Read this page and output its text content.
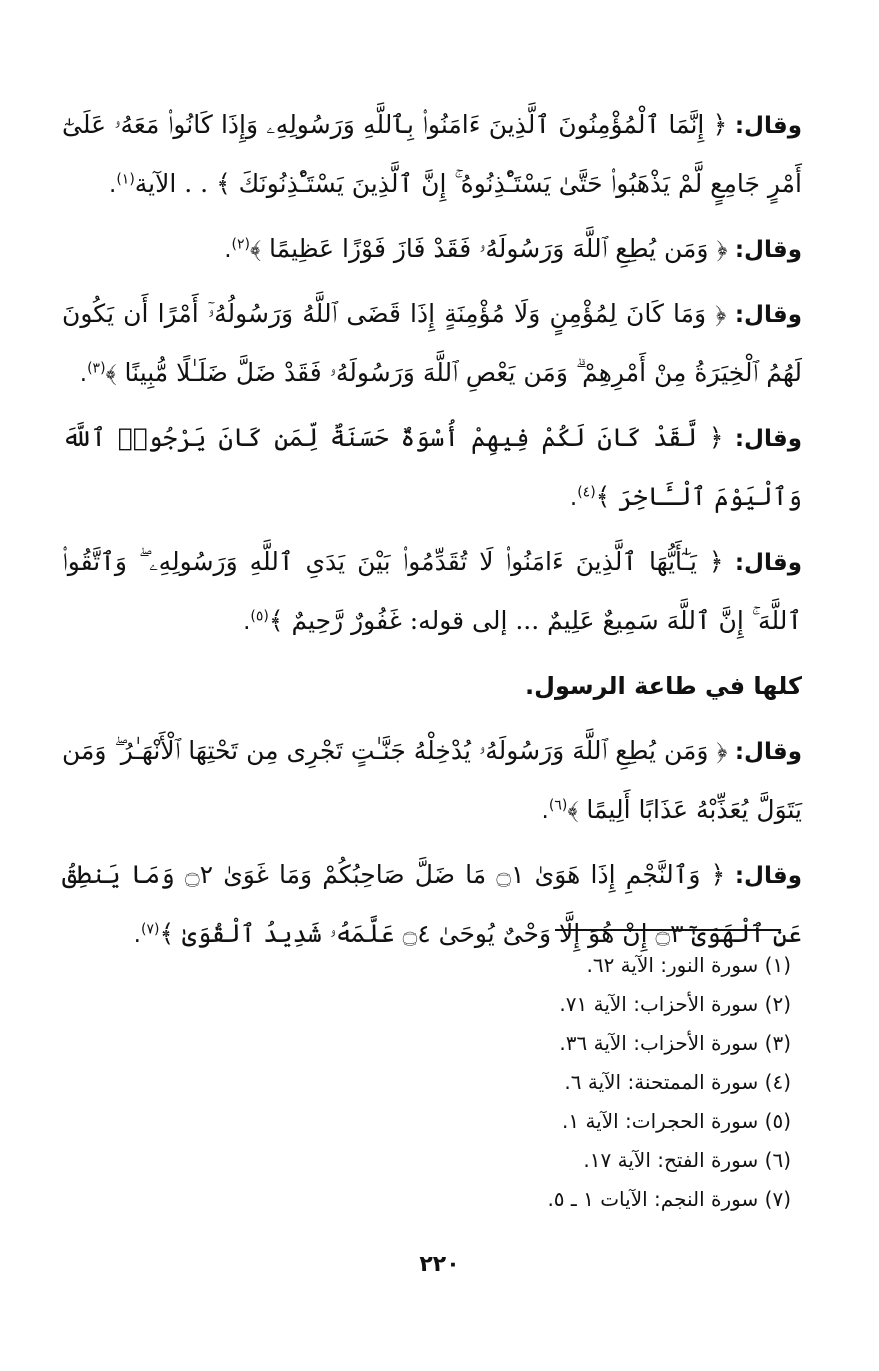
وقال: ﴿ إِنَّمَا ٱلْمُؤْمِنُونَ ٱلَّذِينَ ءَامَنُوا۟ بِٱللَّهِ وَرَسُولِهِۦ وَإِذَا كَانُوا۟ مَعَهُۥ عَلَىٰٓ أَمْرٍ جَامِعٍ لَّمْ يَذْهَبُوا۟ حَتَّىٰ يَسْتَـْٔذِنُوهُ ۚ إِنَّ ٱلَّذِينَ يَسْتَـْٔذِنُونَكَ ﴾ . . الآية$^{(١)}$.

وقال: ﴿ وَمَن يُطِعِ ٱللَّهَ وَرَسُولَهُۥ فَقَدْ فَازَ فَوْزًا عَظِيمًا ﴾$^{(٢)}$.

وقال: ﴿ وَمَا كَانَ لِمُؤْمِنٍ وَلَا مُؤْمِنَةٍ إِذَا قَضَى ٱللَّهُ وَرَسُولُهُۥٓ أَمْرًا أَن يَكُونَ لَهُمُ ٱلْخِيَرَةُ مِنْ أَمْرِهِمْ ۗ وَمَن يَعْصِ ٱللَّهَ وَرَسُولَهُۥ فَقَدْ ضَلَّ ضَلَـٰلًا مُّبِينًا ﴾$^{(٣)}$.

وقال: ﴿ لَّقَدْ كَانَ لَكُمْ فِيهِمْ أُسْوَةٌ حَسَنَةٌ لِّمَن كَانَ يَرْجُوا۟ ٱللَّهَ وَٱلْيَوْمَ ٱلْـَٔاخِرَ ﴾$^{(٤)}$.

وقال: ﴿ يَـٰٓأَيُّهَا ٱلَّذِينَ ءَامَنُوا۟ لَا تُقَدِّمُوا۟ بَيْنَ يَدَىِ ٱللَّهِ وَرَسُولِهِۦ ۖ وَٱتَّقُوا۟ ٱللَّهَ ۚ إِنَّ ٱللَّهَ سَمِيعٌ عَلِيمٌ ... إلى قوله: غَفُورٌ رَّحِيمٌ ﴾$^{(٥)}$.

كلها في طاعة الرسول.

وقال: ﴿ وَمَن يُطِعِ ٱللَّهَ وَرَسُولَهُۥ يُدْخِلْهُ جَنَّـٰتٍ تَجْرِى مِن تَحْتِهَا ٱلْأَنْهَـٰرُ ۖ وَمَن يَتَوَلَّ يُعَذِّبْهُ عَذَابًا أَلِيمًا ﴾$^{(٦)}$.

وقال: ﴿ وَٱلنَّجْمِ إِذَا هَوَىٰ ۝١ مَا ضَلَّ صَاحِبُكُمْ وَمَا غَوَىٰ ۝٢ وَمَا يَنطِقُ عَنِ ٱلْهَوَىٰٓ ۝٣ إِنْ هُوَ إِلَّا وَحْىٌ يُوحَىٰ ۝٤ عَلَّمَهُۥ شَدِيدُ ٱلْقُوَىٰ ﴾$^{(٧)}$.

(١) سورة النور: الآية ٦٢.
(٢) سورة الأحزاب: الآية ٧١.
(٣) سورة الأحزاب: الآية ٣٦.
(٤) سورة الممتحنة: الآية ٦.
(٥) سورة الحجرات: الآية ١.
(٦) سورة الفتح: الآية ١٧.
(٧) سورة النجم: الآيات ١ ـ ٥.
٢٢٠
